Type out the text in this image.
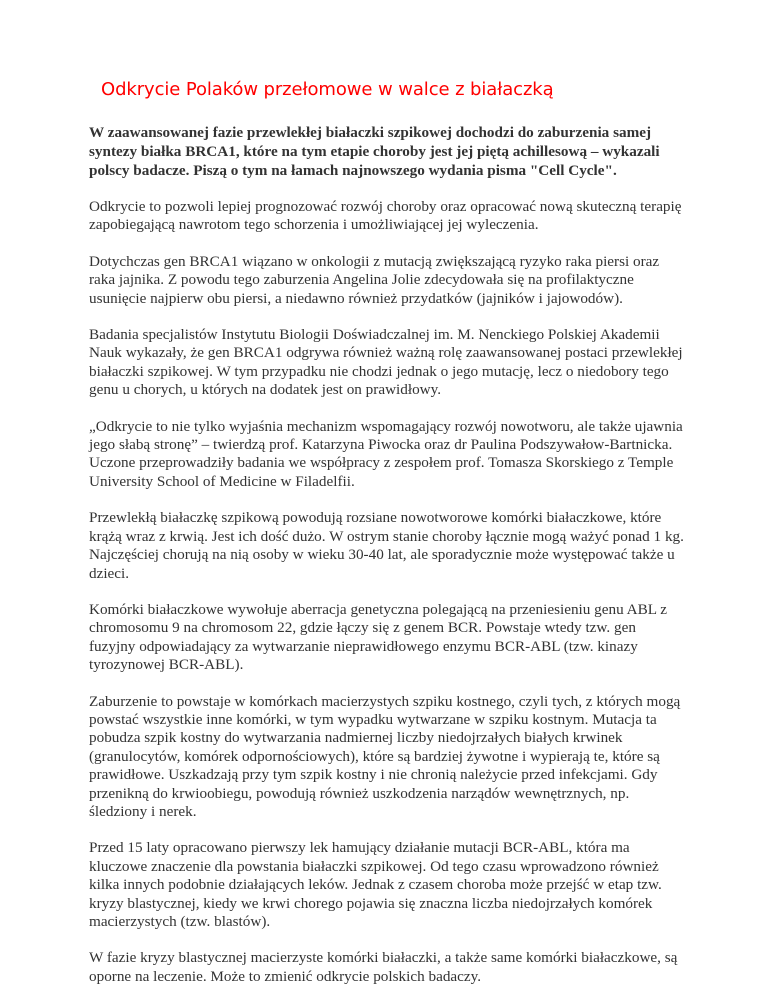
Odkrycie Polaków przełomowe w walce z białaczką

W zaawansowanej fazie przewlekłej białaczki szpikowej dochodzi do zaburzenia samej syntezy białka BRCA1, które na tym etapie choroby jest jej piętą achillesową – wykazali polscy badacze. Piszą o tym na łamach najnowszego wydania pisma "Cell Cycle".

Odkrycie to pozwoli lepiej prognozować rozwój choroby oraz opracować nową skuteczną terapię zapobiegającą nawrotom tego schorzenia i umożliwiającej jej wyleczenia.

Dotychczas gen BRCA1 wiązano w onkologii z mutacją zwiększającą ryzyko raka piersi oraz raka jajnika. Z powodu tego zaburzenia Angelina Jolie zdecydowała się na profilaktyczne usunięcie najpierw obu piersi, a niedawno również przydatków (jajników i jajowodów).

Badania specjalistów Instytutu Biologii Doświadczalnej im. M. Nenckiego Polskiej Akademii Nauk wykazały, że gen BRCA1 odgrywa również ważną rolę zaawansowanej postaci przewlekłej białaczki szpikowej. W tym przypadku nie chodzi jednak o jego mutację, lecz o niedobory tego genu u chorych, u których na dodatek jest on prawidłowy.

„Odkrycie to nie tylko wyjaśnia mechanizm wspomagający rozwój nowotworu, ale także ujawnia jego słabą stronę” – twierdzą prof. Katarzyna Piwocka oraz dr Paulina Podszywałow-Bartnicka. Uczone przeprowadziły badania we współpracy z zespołem prof. Tomasza Skorskiego z Temple University School of Medicine w Filadelfii.

Przewlekłą białaczkę szpikową powodują rozsiane nowotworowe komórki białaczkowe, które krążą wraz z krwią. Jest ich dość dużo. W ostrym stanie choroby łącznie mogą ważyć ponad 1 kg. Najczęściej chorują na nią osoby w wieku 30-40 lat, ale sporadycznie może występować także u dzieci.

Komórki białaczkowe wywołuje aberracja genetyczna polegającą na przeniesieniu genu ABL z chromosomu 9 na chromosom 22, gdzie łączy się z genem BCR. Powstaje wtedy tzw. gen fuzyjny odpowiadający za wytwarzanie nieprawidłowego enzymu BCR-ABL (tzw. kinazy tyrozynowej BCR-ABL).

Zaburzenie to powstaje w komórkach macierzystych szpiku kostnego, czyli tych, z których mogą powstać wszystkie inne komórki, w tym wypadku wytwarzane w szpiku kostnym. Mutacja ta pobudza szpik kostny do wytwarzania nadmiernej liczby niedojrzałych białych krwinek (granulocytów, komórek odpornościowych), które są bardziej żywotne i wypierają te, które są prawidłowe. Uszkadzają przy tym szpik kostny i nie chronią należycie przed infekcjami. Gdy przenikną do krwioobiegu, powodują również uszkodzenia narządów wewnętrznych, np. śledziony i nerek.

Przed 15 laty opracowano pierwszy lek hamujący działanie mutacji BCR-ABL, która ma kluczowe znaczenie dla powstania białaczki szpikowej. Od tego czasu wprowadzono również kilka innych podobnie działających leków. Jednak z czasem choroba może przejść w etap tzw. kryzy blastycznej, kiedy we krwi chorego pojawia się znaczna liczba niedojrzałych komórek macierzystych (tzw. blastów).

W fazie kryzy blastycznej macierzyste komórki białaczki, a także same komórki białaczkowe, są oporne na leczenie. Może to zmienić odkrycie polskich badaczy.
